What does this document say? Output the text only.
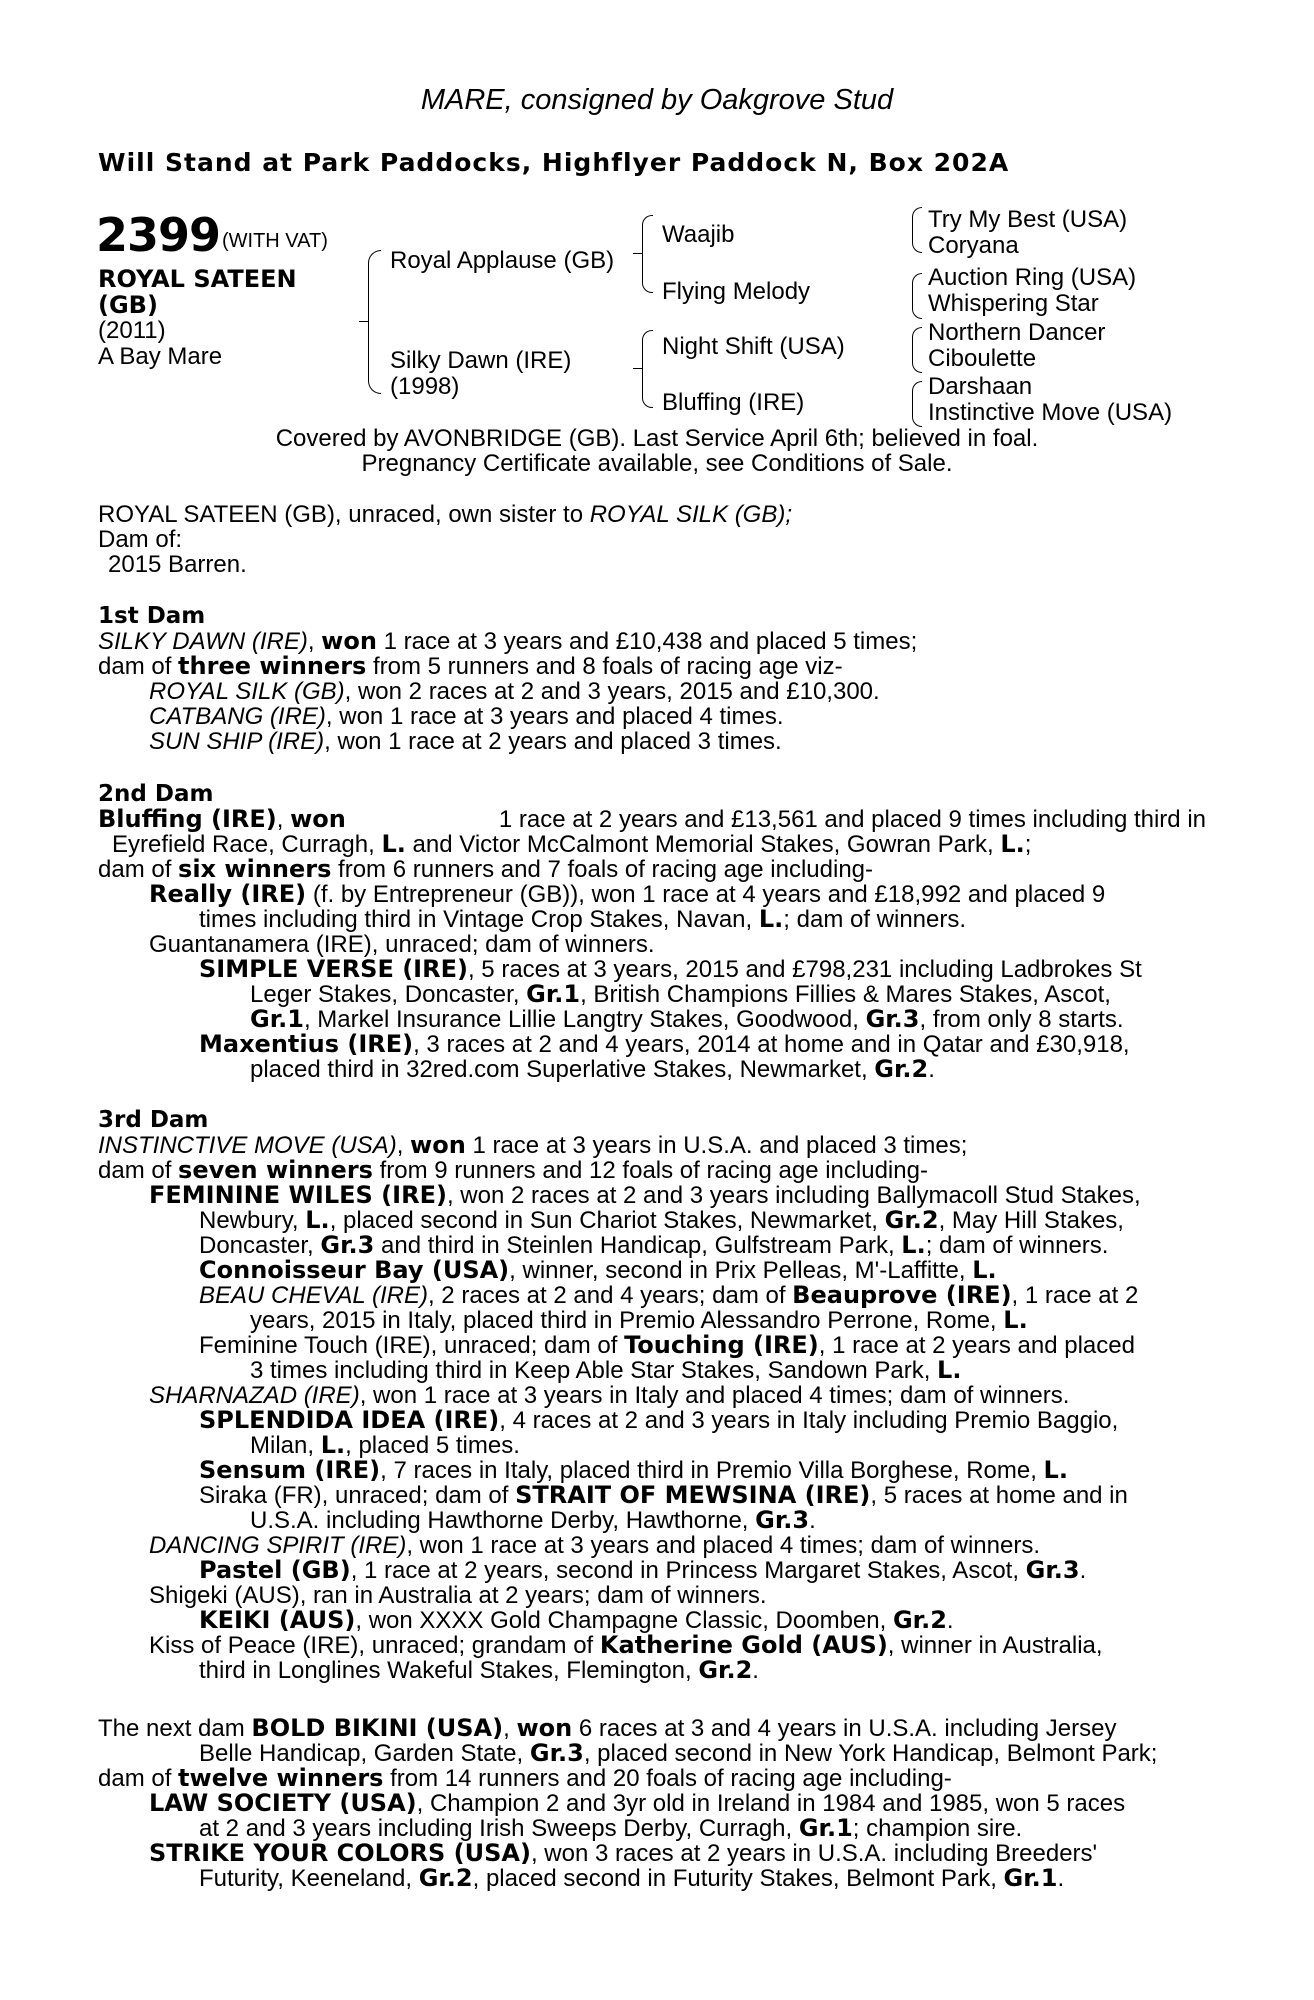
MARE, consigned by Oakgrove Stud
Will Stand at Park Paddocks, Highflyer Paddock N, Box 202A
2399 (WITH VAT)
ROYAL SATEEN
(GB)
(2011)
A Bay Mare
Royal Applause (GB)
Silky Dawn (IRE)
(1998)
Waajib
Flying Melody
Night Shift (USA)
Bluffing (IRE)
Try My Best (USA)
Coryana
Auction Ring (USA)
Whispering Star
Northern Dancer
Ciboulette
Darshaan
Instinctive Move (USA)
Covered by AVONBRIDGE (GB). Last Service April 6th; believed in foal.
Pregnancy Certificate available, see Conditions of Sale.
ROYAL SATEEN (GB), unraced, own sister to ROYAL SILK (GB);
Dam of:
2015 Barren.
1st Dam
SILKY DAWN (IRE), won 1 race at 3 years and £10,438 and placed 5 times;
dam of three winners from 5 runners and 8 foals of racing age viz-
ROYAL SILK (GB), won 2 races at 2 and 3 years, 2015 and £10,300.
CATBANG (IRE), won 1 race at 3 years and placed 4 times.
SUN SHIP (IRE), won 1 race at 2 years and placed 3 times.
2nd Dam
Bluffing (IRE), won	1 race at 2 years and £13,561 and placed 9 times including third in
Eyrefield Race, Curragh, L. and Victor McCalmont Memorial Stakes, Gowran Park, L.;
dam of six winners from 6 runners and 7 foals of racing age including-
Really (IRE) (f. by Entrepreneur (GB)), won 1 race at 4 years and £18,992 and placed 9
times including third in Vintage Crop Stakes, Navan, L.; dam of winners.
Guantanamera (IRE), unraced; dam of winners.
SIMPLE VERSE (IRE), 5 races at 3 years, 2015 and £798,231 including Ladbrokes St
Leger Stakes, Doncaster, Gr.1, British Champions Fillies & Mares Stakes, Ascot,
Gr.1, Markel Insurance Lillie Langtry Stakes, Goodwood, Gr.3, from only 8 starts.
Maxentius (IRE), 3 races at 2 and 4 years, 2014 at home and in Qatar and £30,918,
placed third in 32red.com Superlative Stakes, Newmarket, Gr.2.
3rd Dam
INSTINCTIVE MOVE (USA), won 1 race at 3 years in U.S.A. and placed 3 times;
dam of seven winners from 9 runners and 12 foals of racing age including-
FEMININE WILES (IRE), won 2 races at 2 and 3 years including Ballymacoll Stud Stakes,
Newbury, L., placed second in Sun Chariot Stakes, Newmarket, Gr.2, May Hill Stakes,
Doncaster, Gr.3 and third in Steinlen Handicap, Gulfstream Park, L.; dam of winners.
Connoisseur Bay (USA), winner, second in Prix Pelleas, M'-Laffitte, L.
BEAU CHEVAL (IRE), 2 races at 2 and 4 years; dam of Beauprove (IRE), 1 race at 2
years, 2015 in Italy, placed third in Premio Alessandro Perrone, Rome, L.
Feminine Touch (IRE), unraced; dam of Touching (IRE), 1 race at 2 years and placed
3 times including third in Keep Able Star Stakes, Sandown Park, L.
SHARNAZAD (IRE), won 1 race at 3 years in Italy and placed 4 times; dam of winners.
SPLENDIDA IDEA (IRE), 4 races at 2 and 3 years in Italy including Premio Baggio,
Milan, L., placed 5 times.
Sensum (IRE), 7 races in Italy, placed third in Premio Villa Borghese, Rome, L.
Siraka (FR), unraced; dam of STRAIT OF MEWSINA (IRE), 5 races at home and in
U.S.A. including Hawthorne Derby, Hawthorne, Gr.3.
DANCING SPIRIT (IRE), won 1 race at 3 years and placed 4 times; dam of winners.
Pastel (GB), 1 race at 2 years, second in Princess Margaret Stakes, Ascot, Gr.3.
Shigeki (AUS), ran in Australia at 2 years; dam of winners.
KEIKI (AUS), won XXXX Gold Champagne Classic, Doomben, Gr.2.
Kiss of Peace (IRE), unraced; grandam of Katherine Gold (AUS), winner in Australia,
third in Longlines Wakeful Stakes, Flemington, Gr.2.
The next dam BOLD BIKINI (USA), won 6 races at 3 and 4 years in U.S.A. including Jersey
Belle Handicap, Garden State, Gr.3, placed second in New York Handicap, Belmont Park;
dam of twelve winners from 14 runners and 20 foals of racing age including-
LAW SOCIETY (USA), Champion 2 and 3yr old in Ireland in 1984 and 1985, won 5 races
at 2 and 3 years including Irish Sweeps Derby, Curragh, Gr.1; champion sire.
STRIKE YOUR COLORS (USA), won 3 races at 2 years in U.S.A. including Breeders'
Futurity, Keeneland, Gr.2, placed second in Futurity Stakes, Belmont Park, Gr.1.
